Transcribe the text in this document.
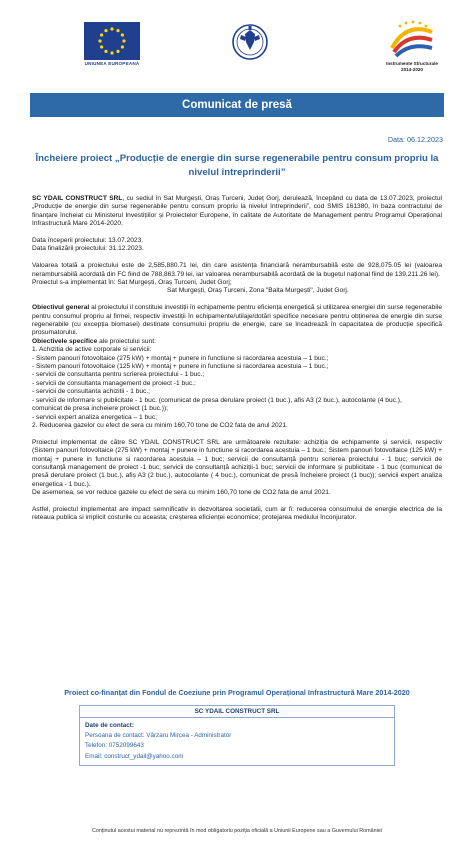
UNIUNEA EUROPEANĂ	Instrumente Structurale
2014-2020
Comunicat de presă
Data: 06.12.2023
Încheiere proiect „Producție de energie din surse regenerabile pentru consum propriu la nivelul întreprinderii”

SC YDAIL CONSTRUCT SRL, cu sediul în Sat Murgești, Oraș Turceni, Județ Gorj, derulează, începând cu data de 13.07.2023, proiectul „Producție de energie din surse regenerabile pentru consum propriu la nivelul întreprinderii”, cod SMIS 161380, în baza contractului de finanțare încheiat cu Ministerul Investițiilor și Proiectelor Europene, în calitate de Autoritate de Management pentru Programul Operațional Infrastructură Mare 2014-2020.

Data începerii proiectului: 13.07.2023.

Data finalizării proiectului: 31.12.2023.

Valoarea totală a proiectului este de 2,585,880.71 lei, din care asistența financiară nerambursabilă este de 928,075.05 lei (valoarea nerambursabilă acordată din FC fiind de 788,863.79 lei, iar valoarea nerambursabilă acordată de la bugetul național fiind de 139,211.26 lei).

Proiectul s-a implementat în: Sat Murgești, Oraș Turceni, Judet Gorj;

Sat Murgești, Oraș Turceni, Zona "Balta Murgești", Judet Gorj.

Obiectivul general al proiectului il constituie investiții în echipamente pentru eficiența energetică și utilizarea energiei din surse regenerabile pentru consumul propriu al firmei, respectiv investiții în echipamente/utilaje/dotări specifice necesare pentru obținerea de energie din surse regenerabile (cu excepția biomasei) destinate consumului propriu de energie, care se încadrează în capacitatea de producție specifică prosumatorului.

Obiectivele specifice ale proiectului sunt:

1. Achizitia de active corporale si servicii:

- Sistem panouri fotovoltaice (275 kW) + montaj + punere in functiune si racordarea acestuia – 1 buc.;

- Sistem panouri fotovoltaice (125 kW) + montaj + punere in functiune si racordarea acestuia – 1 buc.;

- servicii de consultanta pentru scrierea proiectului - 1 buc.;

- servicii de consultanta management de proiect -1 buc.;

- servicii de consultanta achizitii - 1 buc.;

- servicii de informare si publicitate - 1 buc. (comunicat de presa derulare proiect (1 buc.), afis A3 (2 buc.), autocolante (4 buc.),

comunicat de presa incheiere proiect (1 buc.));

- servicii expert analiza energetica – 1 buc;

2. Reducerea gazelor cu efect de sera cu minim 160,70 tone de CO2 fata de anul 2021.

Proiectul implementat de către SC YDAIL CONSTRUCT SRL are următoarele rezultate: achiziția de echipamente și servicii, respectiv (Sistem panouri fotovoltaice (275 kW) + montaj + punere in functiune si racordarea acestuia – 1 buc.; Sistem panouri fotovoltaice (125 kW) + montaj + punere in functiune si racordarea acestuia – 1 buc; servicii de consultanță pentru scrierea proiectului - 1 buc; servicii de consultanță management de proiect -1 buc; servicii de consultanță achiziții-1 buc; servicii de informare și publicitate - 1 buc (comunicat de presă derulare proiect (1 buc.), afiș A3 (2 buc.), autocolante ( 4 buc.), comunicat de presă încheiere proiect (1 buc)); servicii expert analiza energetica - 1 buc.).

De asemenea, se vor reduce gazele cu efect de sera cu minim 160,70 tone de CO2 fata de anul 2021.

Astfel, proiectul implementat are impact semnificativ in dezvoltarea societatii, cum ar fi: reducerea consumului de energie electrica de la reteaua publica si implicit costurile cu aceasta; creșterea eficienței economice; protejarea mediului înconjurator.

Proiect co-finanțat din Fondul de Coeziune prin Programul Operațional Infrastructură Mare 2014-2020
SC YDAIL CONSTRUCT SRL
Date de contact:
Persoana de contact: Vârzaru Mircea - Administrator
Telefon: 0752099643
Email: construct_ydail@yahoo.com
Conținutul acestui material nu reprezintă în mod obligatoriu poziția oficială a Uniunii Europene sau a Guvernului României
